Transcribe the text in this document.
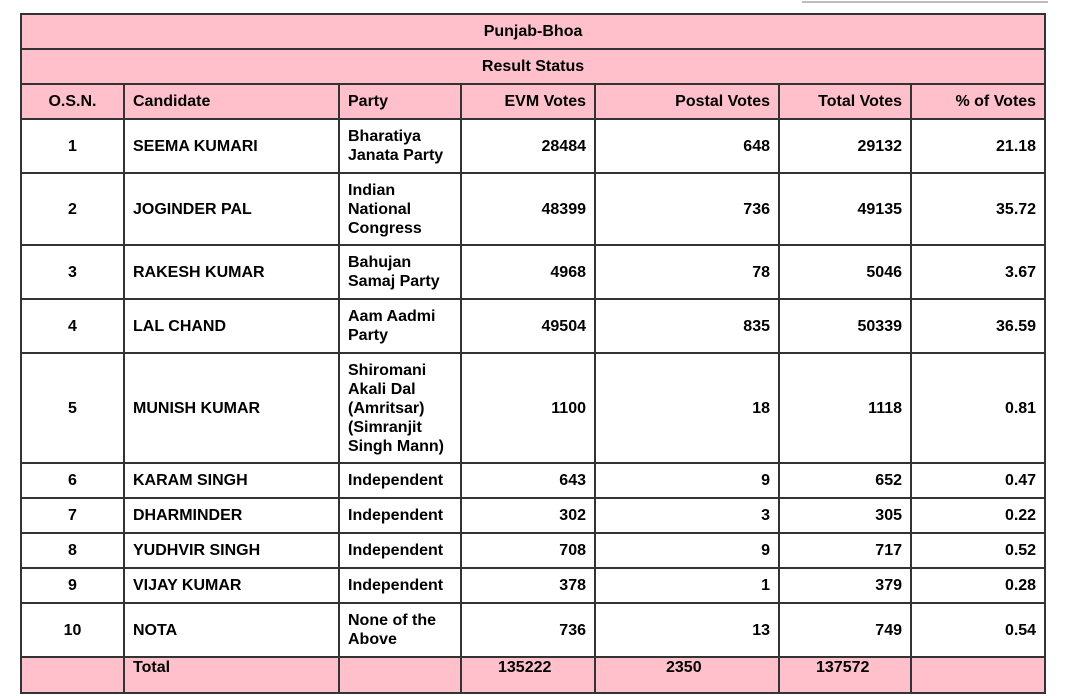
Punjab-Bhoa						
Result Status						
O.S.N.	Candidate	Party	EVM Votes	Postal Votes	Total Votes	% of Votes
1	SEEMA KUMARI	Bharatiya Janata Party	28484	648	29132	21.18
2	JOGINDER PAL	Indian National Congress	48399	736	49135	35.72
3	RAKESH KUMAR	Bahujan Samaj Party	4968	78	5046	3.67
4	LAL CHAND	Aam Aadmi Party	49504	835	50339	36.59
5	MUNISH KUMAR	Shiromani Akali Dal (Amritsar)(Simranjit Singh Mann)	1100	18	1118	0.81
6	KARAM SINGH	Independent	643	9	652	0.47
7	DHARMINDER	Independent	302	3	305	0.22
8	YUDHVIR SINGH	Independent	708	9	717	0.52
9	VIJAY KUMAR	Independent	378	1	379	0.28
10	NOTA	None of the Above	736	13	749	0.54
	Total		135222	2350	137572	
